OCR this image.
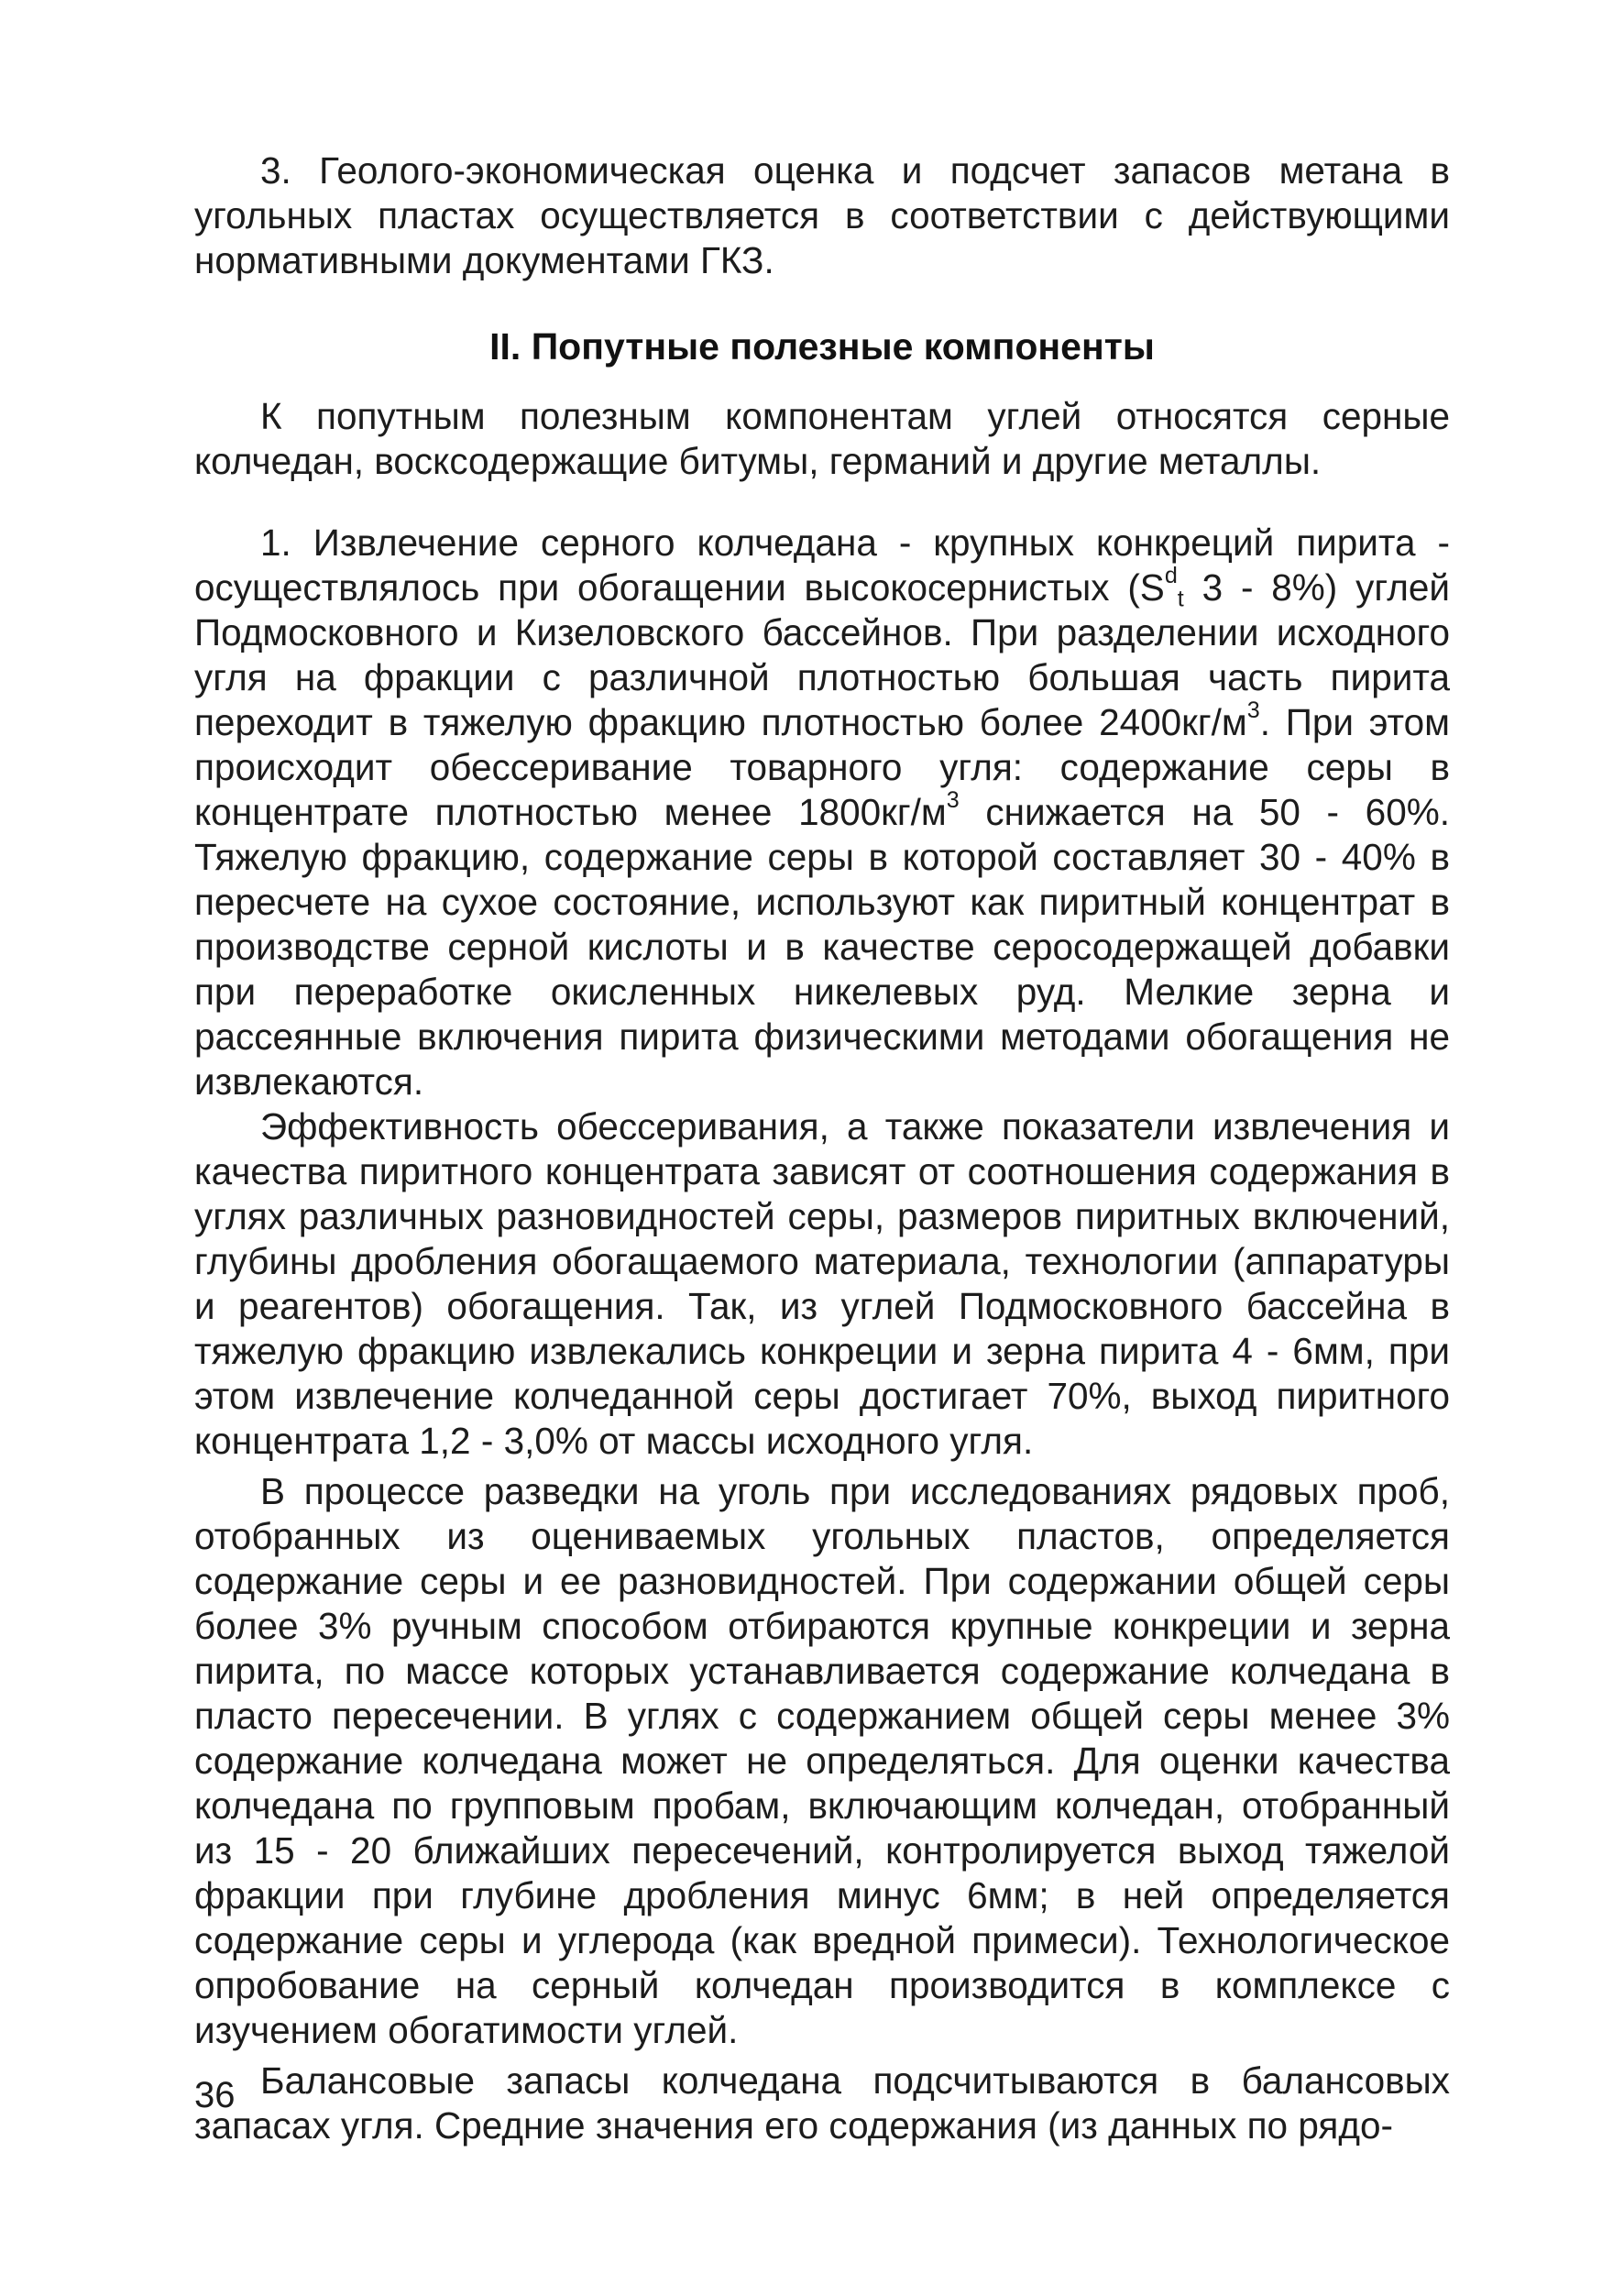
3. Геолого-экономическая оценка и подсчет запасов метана в угольных пластах осуществляется в соответствии с действующими нормативными документами ГКЗ.

II. Попутные полезные компоненты

К попутным полезным компонентам углей относятся серные колчедан, восксодержащие битумы, германий и другие металлы.

1. Извлечение серного колчедана - крупных конкреций пирита - осуществлялось при обогащении высокосернистых ($S^d_t$ 3 - 8%) углей Подмосковного и Кизеловского бассейнов. При разделении исходного угля на фракции с различной плотностью большая часть пирита переходит в тяжелую фракцию плотностью более $2400кг/м^3$. При этом происходит обессеривание товарного угля: содержание серы в концентрате плотностью менее $1800кг/м^3$ снижается на 50 - 60%. Тяжелую фракцию, содержание серы в которой составляет 30 - 40% в пересчете на сухое состояние, используют как пиритный концентрат в производстве серной кислоты и в качестве серосодержащей добавки при переработке окисленных никелевых руд. Мелкие зерна и рассеянные включения пирита физическими методами обогащения не извлекаются.

Эффективность обессеривания, а также показатели извлечения и качества пиритного концентрата зависят от соотношения содержания в углях различных разновидностей серы, размеров пиритных включений, глубины дробления обогащаемого материала, технологии (аппаратуры и реагентов) обогащения. Так, из углей Подмосковного бассейна в тяжелую фракцию извлекались конкреции и зерна пирита 4 - 6мм, при этом извлечение колчеданной серы достигает 70%, выход пиритного концентрата 1,2 - 3,0% от массы исходного угля.

В процессе разведки на уголь при исследованиях рядовых проб, отобранных из оцениваемых угольных пластов, определяется содержание серы и ее разновидностей. При содержании общей серы более 3% ручным способом отбираются крупные конкреции и зерна пирита, по массе которых устанавливается содержание колчедана в пласто пересечении. В углях с содержанием общей серы менее 3% содержание колчедана может не определяться. Для оценки качества колчедана по групповым пробам, включающим колчедан, отобранный из 15 - 20 ближайших пересечений, контролируется выход тяжелой фракции при глубине дробления минус 6мм; в ней определяется содержание серы и углерода (как вредной примеси). Технологическое опробование на серный колчедан производится в комплексе с изучением обогатимости углей.

Балансовые запасы колчедана подсчитываются в балансовых запасах угля. Средние значения его содержания (из данных по рядо-

36
